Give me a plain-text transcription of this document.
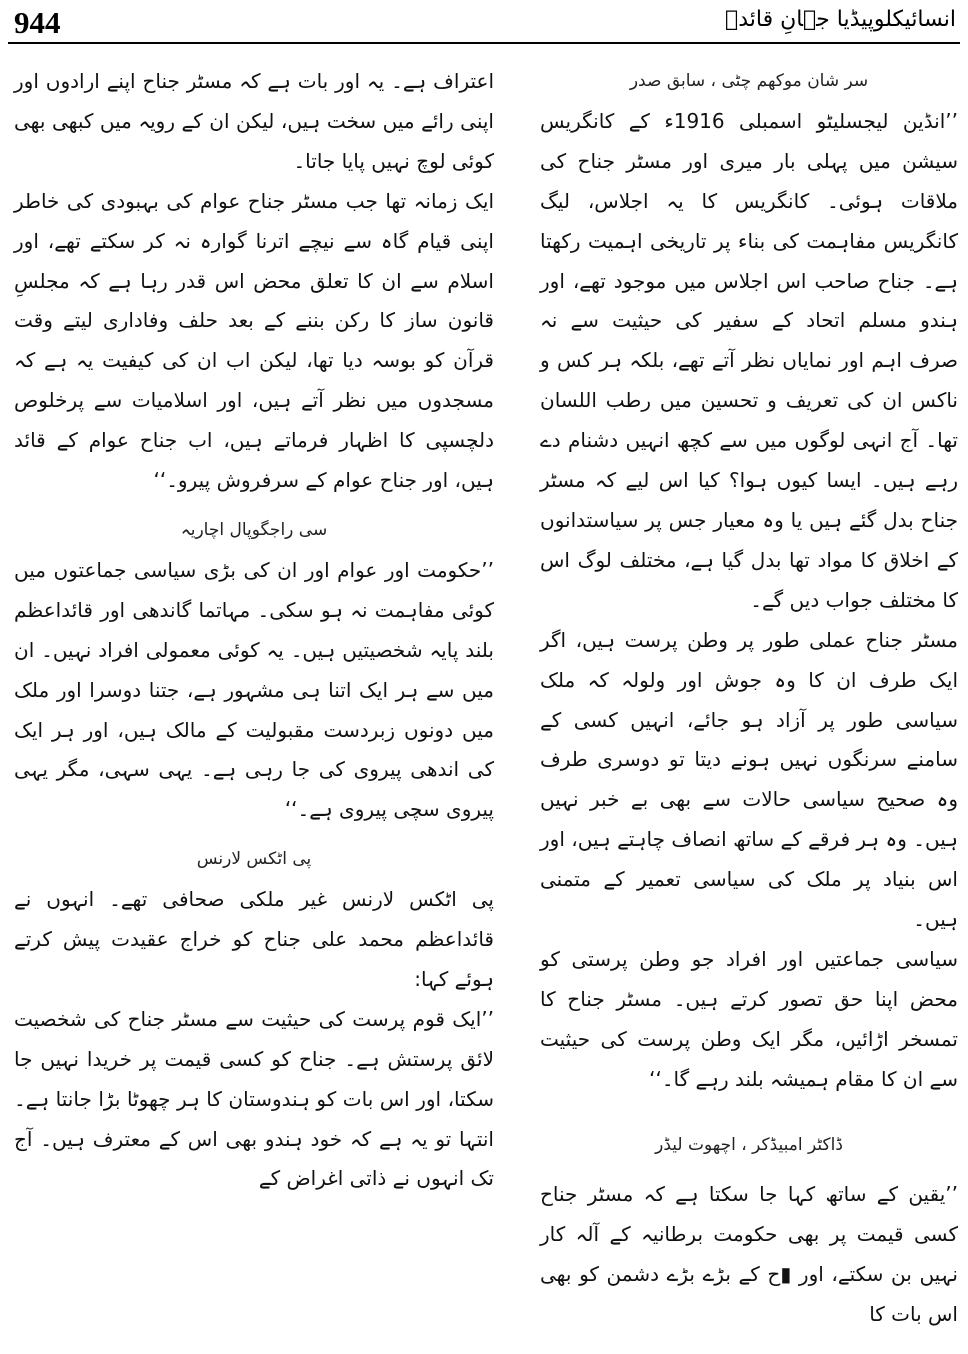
944	انسائیکلوپیڈیا جہانِ قائدؒ

سر شان موکھم چٹی ، سابق صدر

’’انڈین لیجسلیٹو اسمبلی 1916ء کے کانگریس سیشن میں پہلی بار میری اور مسٹر جناح کی ملاقات ہوئی۔ کانگریس کا یہ اجلاس، لیگ کانگریس مفاہمت کی بناء پر تاریخی اہمیت رکھتا ہے۔ جناح صاحب اس اجلاس میں موجود تھے، اور ہندو مسلم اتحاد کے سفیر کی حیثیت سے نہ صرف اہم اور نمایاں نظر آتے تھے، بلکہ ہر کس و ناکس ان کی تعریف و تحسین میں رطب اللسان تھا۔ آج انہی لوگوں میں سے کچھ انہیں دشنام دے رہے ہیں۔ ایسا کیوں ہوا؟ کیا اس لیے کہ مسٹر جناح بدل گئے ہیں یا وہ معیار جس پر سیاستدانوں کے اخلاق کا مواد تھا بدل گیا ہے، مختلف لوگ اس کا مختلف جواب دیں گے۔

مسٹر جناح عملی طور پر وطن پرست ہیں، اگر ایک طرف ان کا وہ جوش اور ولولہ کہ ملک سیاسی طور پر آزاد ہو جائے، انہیں کسی کے سامنے سرنگوں نہیں ہونے دیتا تو دوسری طرف وہ صحیح سیاسی حالات سے بھی بے خبر نہیں ہیں۔ وہ ہر فرقے کے ساتھ انصاف چاہتے ہیں، اور اس بنیاد پر ملک کی سیاسی تعمیر کے متمنی ہیں۔

سیاسی جماعتیں اور افراد جو وطن پرستی کو محض اپنا حق تصور کرتے ہیں۔ مسٹر جناح کا تمسخر اڑائیں، مگر ایک وطن پرست کی حیثیت سے ان کا مقام ہمیشہ بلند رہے گا۔‘‘

ڈاکٹر امبیڈکر ، اچھوت لیڈر

’’یقین کے ساتھ کہا جا سکتا ہے کہ مسٹر جناح کسی قیمت پر بھی حکومت برطانیہ کے آلہ کار نہیں بن سکتے، اور ▮ح کے بڑے بڑے دشمن کو بھی اس بات کا

اعتراف ہے۔ یہ اور بات ہے کہ مسٹر جناح اپنے ارادوں اور اپنی رائے میں سخت ہیں، لیکن ان کے رویہ میں کبھی بھی کوئی لوچ نہیں پایا جاتا۔

ایک زمانہ تھا جب مسٹر جناح عوام کی بہبودی کی خاطر اپنی قیام گاہ سے نیچے اترنا گوارہ نہ کر سکتے تھے، اور اسلام سے ان کا تعلق محض اس قدر رہا ہے کہ مجلسِ قانون ساز کا رکن بننے کے بعد حلف وفاداری لیتے وقت قرآن کو بوسہ دیا تھا، لیکن اب ان کی کیفیت یہ ہے کہ مسجدوں میں نظر آتے ہیں، اور اسلامیات سے پرخلوص دلچسپی کا اظہار فرماتے ہیں، اب جناح عوام کے قائد ہیں، اور جناح عوام کے سرفروش پیرو۔‘‘

سی راجگوپال اچاریہ

’’حکومت اور عوام اور ان کی بڑی سیاسی جماعتوں میں کوئی مفاہمت نہ ہو سکی۔ مہاتما گاندھی اور قائداعظم بلند پایہ شخصیتیں ہیں۔ یہ کوئی معمولی افراد نہیں۔ ان میں سے ہر ایک اتنا ہی مشہور ہے، جتنا دوسرا اور ملک میں دونوں زبردست مقبولیت کے مالک ہیں، اور ہر ایک کی اندھی پیروی کی جا رہی ہے۔ یہی سہی، مگر یہی پیروی سچی پیروی ہے۔‘‘

پی اٹکس لارنس

پی اٹکس لارنس غیر ملکی صحافی تھے۔ انہوں نے قائداعظم محمد علی جناح کو خراج عقیدت پیش کرتے ہوئے کہا:

’’ایک قوم پرست کی حیثیت سے مسٹر جناح کی شخصیت لائق پرستش ہے۔ جناح کو کسی قیمت پر خریدا نہیں جا سکتا، اور اس بات کو ہندوستان کا ہر چھوٹا بڑا جانتا ہے۔ انتہا تو یہ ہے کہ خود ہندو بھی اس کے معترف ہیں۔ آج تک انہوں نے ذاتی اغراض کے
